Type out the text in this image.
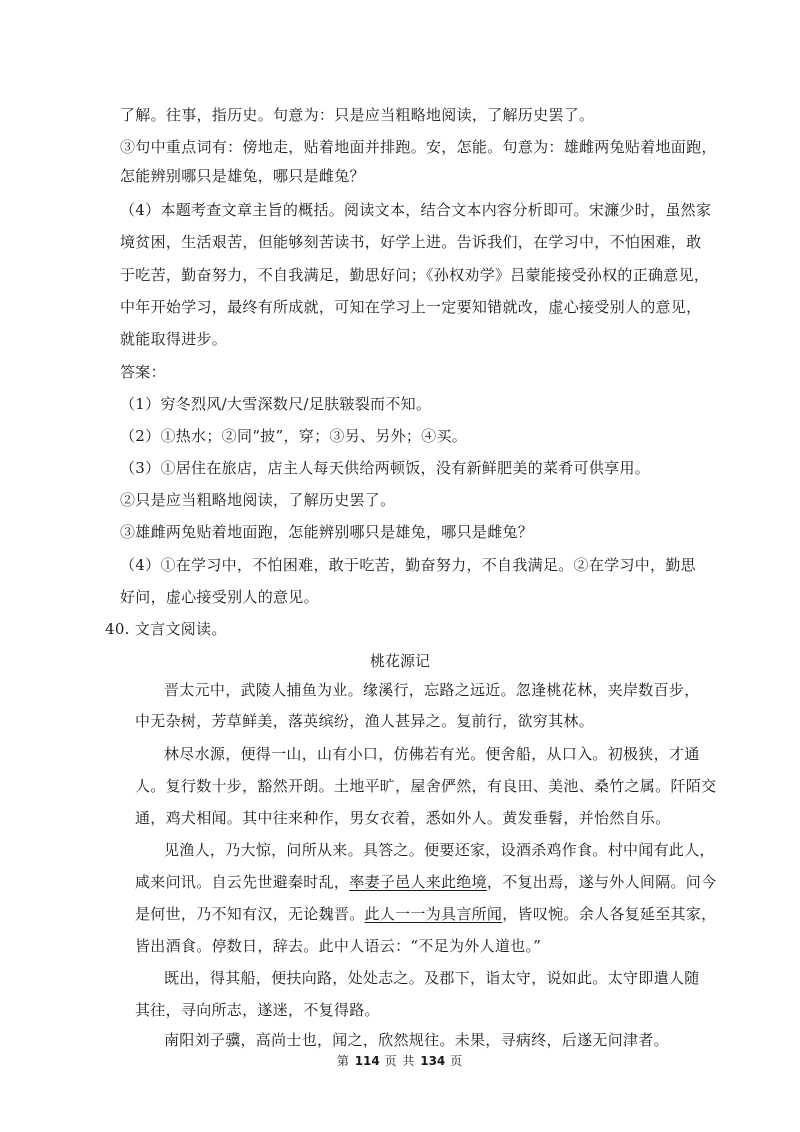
了解。往事，指历史。句意为：只是应当粗略地阅读，了解历史罢了。
③句中重点词有：傍地走，贴着地面并排跑。安，怎能。句意为：雄雌两兔贴着地面跑，
怎能辨别哪只是雄兔，哪只是雌兔？
（4）本题考查文章主旨的概括。阅读文本，结合文本内容分析即可。宋濂少时，虽然家
境贫困，生活艰苦，但能够刻苦读书，好学上进。告诉我们，在学习中，不怕困难，敢
于吃苦，勤奋努力，不自我满足，勤思好问；《孙权劝学》吕蒙能接受孙权的正确意见，
中年开始学习，最终有所成就，可知在学习上一定要知错就改，虚心接受别人的意见，
就能取得进步。
答案：
（1）穷冬烈风/大雪深数尺/足肤皲裂而不知。
（2）①热水；②同“披”，穿；③另、另外；④买。
（3）①居住在旅店，店主人每天供给两顿饭，没有新鲜肥美的菜肴可供享用。
②只是应当粗略地阅读，了解历史罢了。
③雄雌两兔贴着地面跑，怎能辨别哪只是雄兔，哪只是雌兔？
（4）①在学习中，不怕困难，敢于吃苦，勤奋努力，不自我满足。②在学习中，勤思
好问，虚心接受别人的意见。
40. 文言文阅读。
桃花源记
晋太元中，武陵人捕鱼为业。缘溪行，忘路之远近。忽逢桃花林，夹岸数百步，
中无杂树，芳草鲜美，落英缤纷，渔人甚异之。复前行，欲穷其林。
林尽水源，便得一山，山有小口，仿佛若有光。便舍船，从口入。初极狭，才通
人。复行数十步，豁然开朗。土地平旷，屋舍俨然，有良田、美池、桑竹之属。阡陌交
通，鸡犬相闻。其中往来种作，男女衣着，悉如外人。黄发垂髫，并怡然自乐。
见渔人，乃大惊，问所从来。具答之。便要还家，设酒杀鸡作食。村中闻有此人，
咸来问讯。自云先世避秦时乱，率妻子邑人来此绝境，不复出焉，遂与外人间隔。问今
是何世，乃不知有汉，无论魏晋。此人一一为具言所闻，皆叹惋。余人各复延至其家，
皆出酒食。停数日，辞去。此中人语云：“不足为外人道也。”
既出，得其船，便扶向路，处处志之。及郡下，诣太守，说如此。太守即遣人随
其往，寻向所志，遂迷，不复得路。
南阳刘子骥，高尚士也，闻之，欣然规往。未果，寻病终，后遂无问津者。
第 114 页 共 134 页
